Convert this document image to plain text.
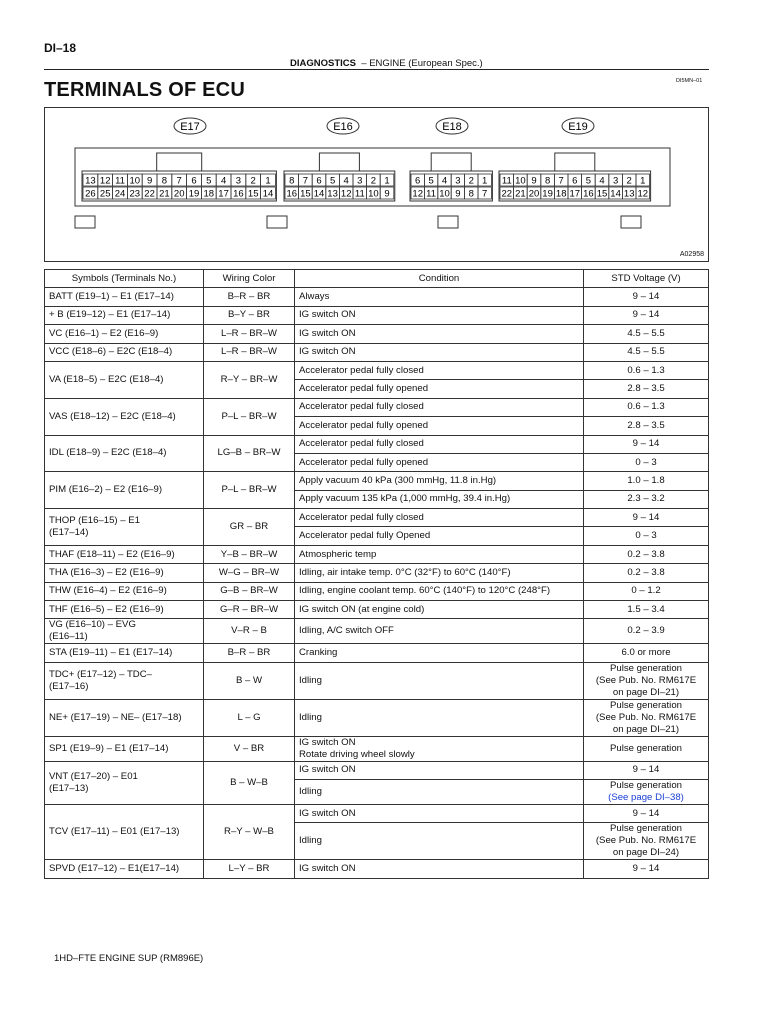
DI–18
DIAGNOSTICS – ENGINE (European Spec.)
TERMINALS OF ECU	DI5MN–01
13 12 11 10 9 8 7 6 5 4 3 2 1
26 25 24 23 22 21 20 19 18 17 16 15 14
E17
8 7 6 5 4 3 2 1
16 15 14 13 12 11 10 9
E16
6 5 4 3 2 1
12 11 10 9 8 7
E18
11 10 9 8 7 6 5 4 3 2 1
22 21 20 19 18 17 16 15 14 13 12
E19
A02958
Symbols (Terminals No.)	Wiring Color	Condition	STD Voltage (V)
BATT (E19–1) – E1 (E17–14)	B–R – BR	Always	9 – 14
+ B (E19–12) – E1 (E17–14)	B–Y – BR	IG switch ON	9 – 14
VC (E16–1) – E2 (E16–9)	L–R – BR–W	IG switch ON	4.5 – 5.5
VCC (E18–6) – E2C (E18–4)	L–R – BR–W	IG switch ON	4.5 – 5.5
VA (E18–5) – E2C (E18–4)	R–Y – BR–W	Accelerator pedal fully closed	0.6 – 1.3
		Accelerator pedal fully opened	2.8 – 3.5
VAS (E18–12) – E2C (E18–4)	P–L – BR–W	Accelerator pedal fully closed	0.6 – 1.3
		Accelerator pedal fully opened	2.8 – 3.5
IDL (E18–9) – E2C (E18–4)	LG–B – BR–W	Accelerator pedal fully closed	9 – 14
		Accelerator pedal fully opened	0 – 3
PIM (E16–2) – E2 (E16–9)	P–L – BR–W	Apply vacuum 40 kPa (300 mmHg, 11.8 in.Hg)	1.0 – 1.8
		Apply vacuum 135 kPa (1,000 mmHg, 39.4 in.Hg)	2.3 – 3.2
THOP (E16–15) – E1
(E17–14)	GR – BR	Accelerator pedal fully closed	9 – 14
		Accelerator pedal fully Opened	0 – 3
THAF (E18–11) – E2 (E16–9)	Y–B – BR–W	Atmospheric temp	0.2 – 3.8
THA (E16–3) – E2 (E16–9)	W–G – BR–W	Idling, air intake temp. 0°C (32°F) to 60°C (140°F)	0.2 – 3.8
THW (E16–4) – E2 (E16–9)	G–B – BR–W	Idling, engine coolant temp. 60°C (140°F) to 120°C (248°F)	0 – 1.2
THF (E16–5) – E2 (E16–9)	G–R – BR–W	IG switch ON (at engine cold)	1.5 – 3.4
VG (E16–10) – EVG
(E16–11)	V–R – B	Idling, A/C switch OFF	0.2 – 3.9
STA (E19–11) – E1 (E17–14)	B–R – BR	Cranking	6.0 or more
TDC+ (E17–12) – TDC–
(E17–16)	B – W	Idling	Pulse generation
(See Pub. No. RM617E
on page DI–21)
NE+ (E17–19) – NE– (E17–18)	L – G	Idling	Pulse generation
(See Pub. No. RM617E
on page DI–21)
SP1 (E19–9) – E1 (E17–14)	V – BR	IG switch ON
Rotate driving wheel slowly	Pulse generation
VNT (E17–20) – E01
(E17–13)	B – W–B	IG switch ON	9 – 14
		Idling	Pulse generation
(See page DI–38)
TCV (E17–11) – E01 (E17–13)	R–Y – W–B	IG switch ON	9 – 14
		Idling	Pulse generation
(See Pub. No. RM617E
on page DI–24)
SPVD (E17–12) – E1(E17–14)	L–Y – BR	IG switch ON	9 – 14
1HD–FTE ENGINE SUP (RM896E)
